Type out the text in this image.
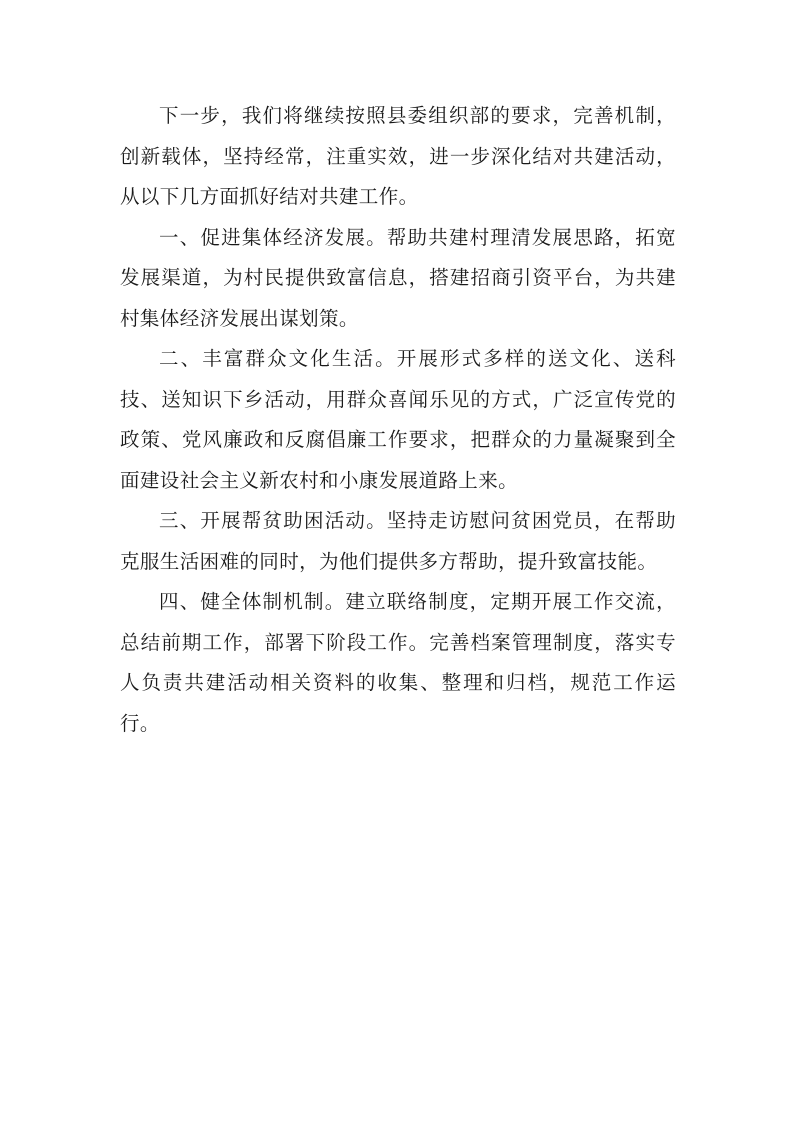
下一步，我们将继续按照县委组织部的要求，完善机制，创新载体，坚持经常，注重实效，进一步深化结对共建活动，从以下几方面抓好结对共建工作。

一、促进集体经济发展。帮助共建村理清发展思路，拓宽发展渠道，为村民提供致富信息，搭建招商引资平台，为共建村集体经济发展出谋划策。

二、丰富群众文化生活。开展形式多样的送文化、送科技、送知识下乡活动，用群众喜闻乐见的方式，广泛宣传党的政策、党风廉政和反腐倡廉工作要求，把群众的力量凝聚到全面建设社会主义新农村和小康发展道路上来。

三、开展帮贫助困活动。坚持走访慰问贫困党员，在帮助克服生活困难的同时，为他们提供多方帮助，提升致富技能。

四、健全体制机制。建立联络制度，定期开展工作交流，总结前期工作，部署下阶段工作。完善档案管理制度，落实专人负责共建活动相关资料的收集、整理和归档，规范工作运行。
